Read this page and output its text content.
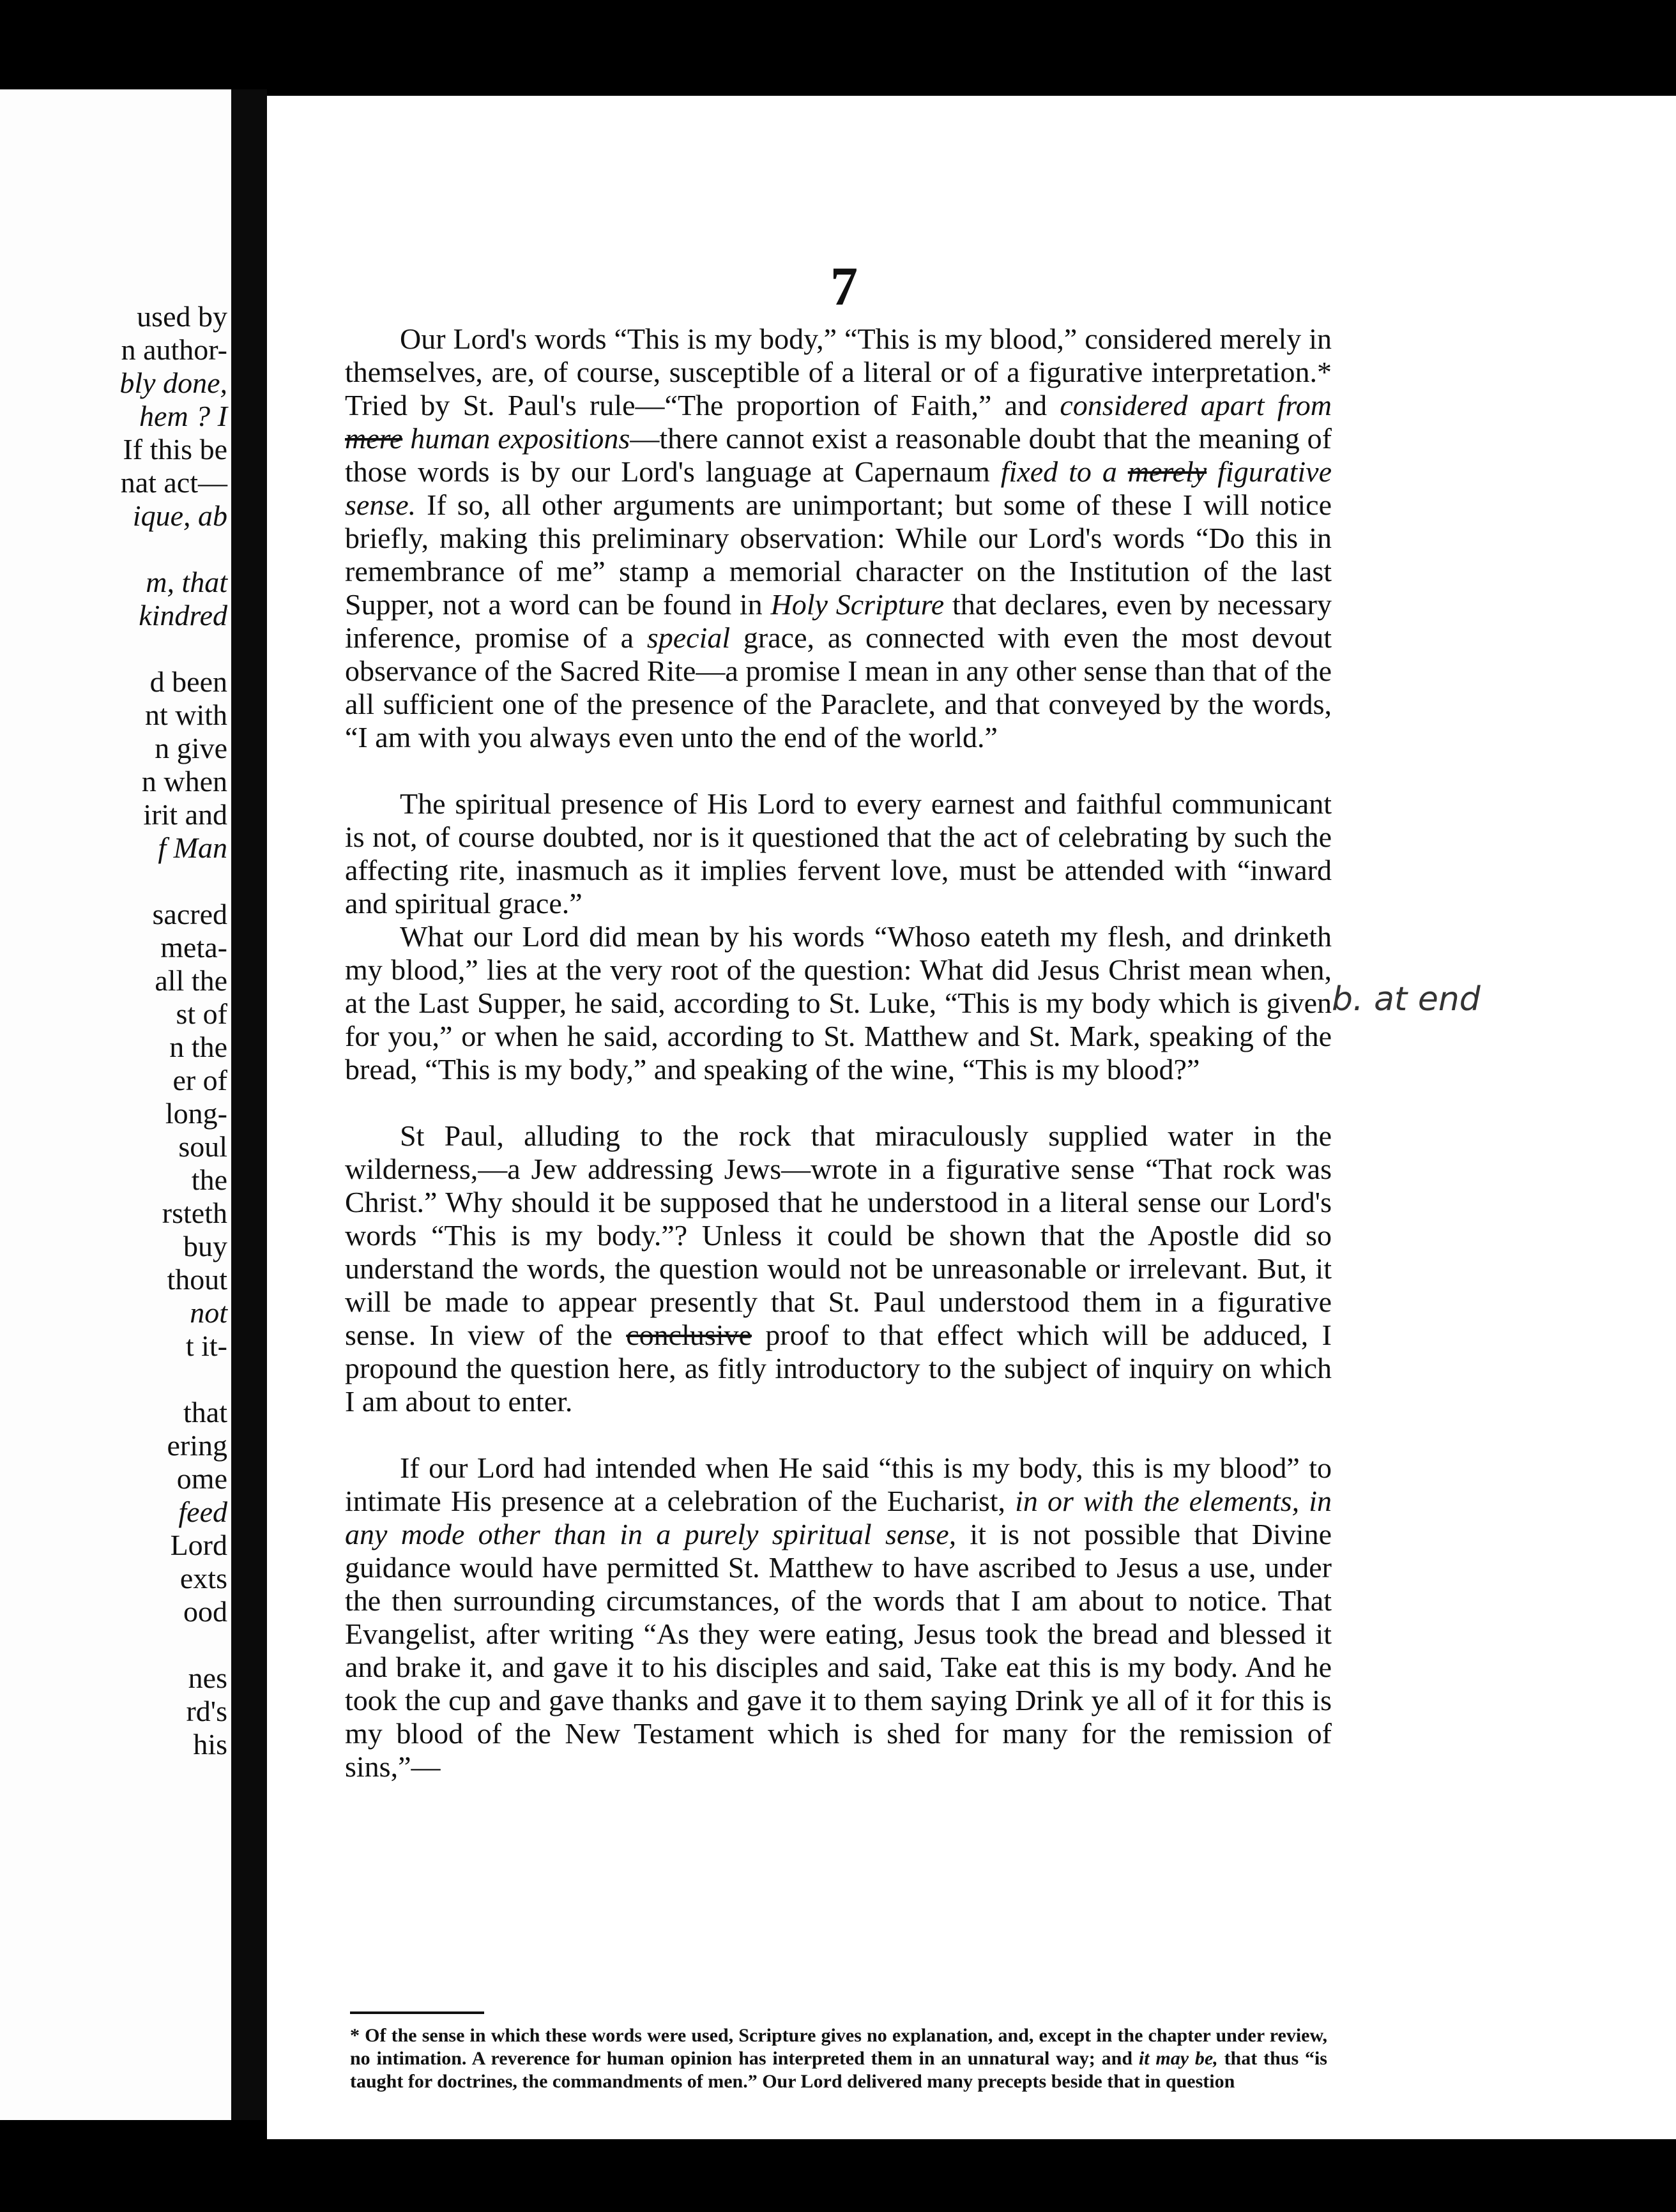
used by
n author-
bly done,
hem ? I
If this be
nat act—
ique, ab
m, that
kindred
d been
nt with
n give
n when
irit and
f Man
sacred
meta-
all the
st of
n the
er of
long-
soul
the
rsteth
buy
thout
not
t it-
that
ering
ome
feed
Lord
exts
ood
nes
rd's
his
7

Our Lord's words “This is my body,” “This is my blood,” considered merely in themselves, are, of course, susceptible of a literal or of a figurative interpretation.* Tried by St. Paul's rule—“The proportion of Faith,” and considered apart from mere human expositions—there cannot exist a reasonable doubt that the meaning of those words is by our Lord's language at Capernaum fixed to a merely figurative sense. If so, all other arguments are unimportant; but some of these I will notice briefly, making this preliminary observation: While our Lord's words “Do this in remembrance of me” stamp a memorial character on the Institution of the last Supper, not a word can be found in Holy Scripture that declares, even by necessary inference, promise of a special grace, as connected with even the most devout observance of the Sacred Rite—a promise I mean in any other sense than that of the all sufficient one of the presence of the Paraclete, and that conveyed by the words, “I am with you always even unto the end of the world.”

The spiritual presence of His Lord to every earnest and faithful communicant is not, of course doubted, nor is it questioned that the act of celebrating by such the affecting rite, inasmuch as it implies fervent love, must be attended with “inward and spiritual grace.”

What our Lord did mean by his words “Whoso eateth my flesh, and drinketh my blood,” lies at the very root of the question: What did Jesus Christ mean when, at the Last Supper, he said, according to St. Luke, “This is my body which is given for you,” or when he said, according to St. Matthew and St. Mark, speaking of the bread, “This is my body,” and speaking of the wine, “This is my blood?”

St Paul, alluding to the rock that miraculously supplied water in the wilderness,—a Jew addressing Jews—wrote in a figurative sense “That rock was Christ.” Why should it be supposed that he understood in a literal sense our Lord's words “This is my body.”? Unless it could be shown that the Apostle did so understand the words, the question would not be unreasonable or irrelevant. But, it will be made to appear presently that St. Paul understood them in a figurative sense. In view of the conclusive proof to that effect which will be adduced, I propound the question here, as fitly introductory to the subject of inquiry on which I am about to enter.

If our Lord had intended when He said “this is my body, this is my blood” to intimate His presence at a celebration of the Eucharist, in or with the elements, in any mode other than in a purely spiritual sense, it is not possible that Divine guidance would have permitted St. Matthew to have ascribed to Jesus a use, under the then surrounding circumstances, of the words that I am about to notice. That Evangelist, after writing “As they were eating, Jesus took the bread and blessed it and brake it, and gave it to his disciples and said, Take eat this is my body. And he took the cup and gave thanks and gave it to them saying Drink ye all of it for this is my blood of the New Testament which is shed for many for the remission of sins,”—

b. at end
* Of the sense in which these words were used, Scripture gives no explanation, and, except in the chapter under review, no intimation. A reverence for human opinion has interpreted them in an unnatural way; and it may be, that thus “is taught for doctrines, the commandments of men.” Our Lord delivered many precepts beside that in question
